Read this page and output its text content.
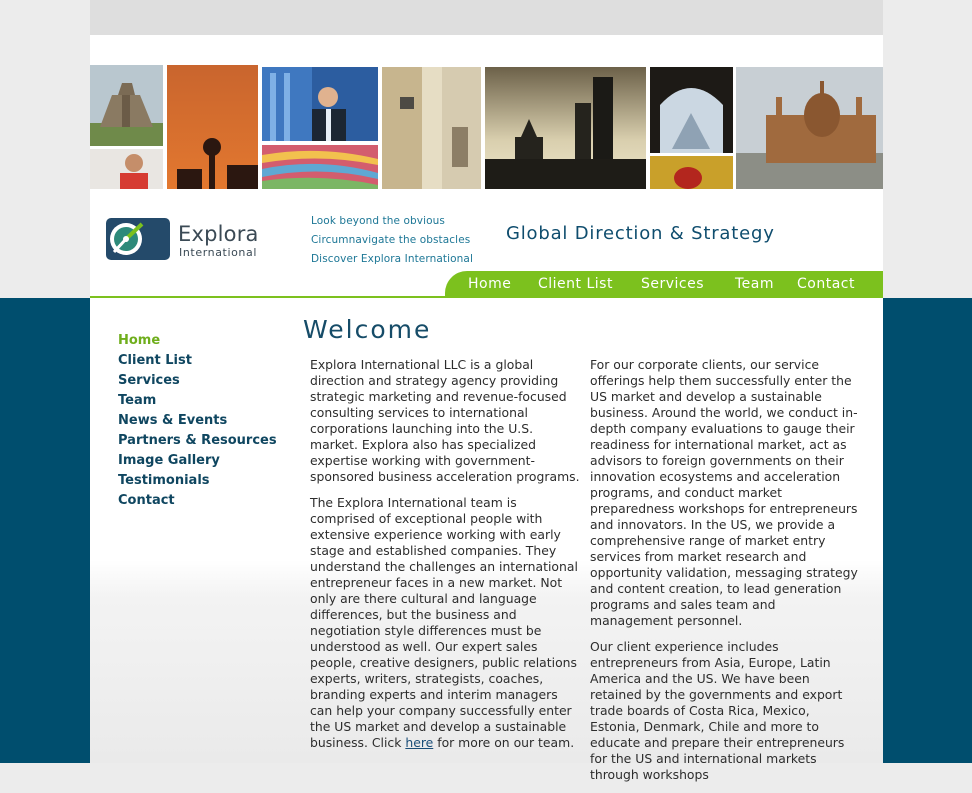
Explora
International
Look beyond the obvious
Circumnavigate the obstacles
Discover Explora International
Global Direction & Strategy
Home Client List Services Team Contact
Home
Client List
Services
Team
News & Events
Partners & Resources
Image Gallery
Testimonials
Contact
Welcome

Explora International LLC is a global direction and strategy agency providing strategic marketing and revenue-focused consulting services to international corporations launching into the U.S. market. Explora also has specialized expertise working with government-sponsored business acceleration programs.

The Explora International team is comprised of exceptional people with extensive experience working with early stage and established companies. They understand the challenges an international entrepreneur faces in a new market. Not only are there cultural and language differences, but the business and negotiation style differences must be understood as well. Our expert sales people, creative designers, public relations experts, writers, strategists, coaches, branding experts and interim managers can help your company successfully enter the US market and develop a sustainable business. Click here for more on our team.

For our corporate clients, our service offerings help them successfully enter the US market and develop a sustainable business. Around the world, we conduct in-depth company evaluations to gauge their readiness for international market, act as advisors to foreign governments on their innovation ecosystems and acceleration programs, and conduct market preparedness workshops for entrepreneurs and innovators. In the US, we provide a comprehensive range of market entry services from market research and opportunity validation, messaging strategy and content creation, to lead generation programs and sales team and management personnel.

Our client experience includes entrepreneurs from Asia, Europe, Latin America and the US. We have been retained by the governments and export trade boards of Costa Rica, Mexico, Estonia, Denmark, Chile and more to educate and prepare their entrepreneurs for the US and international markets through workshops
